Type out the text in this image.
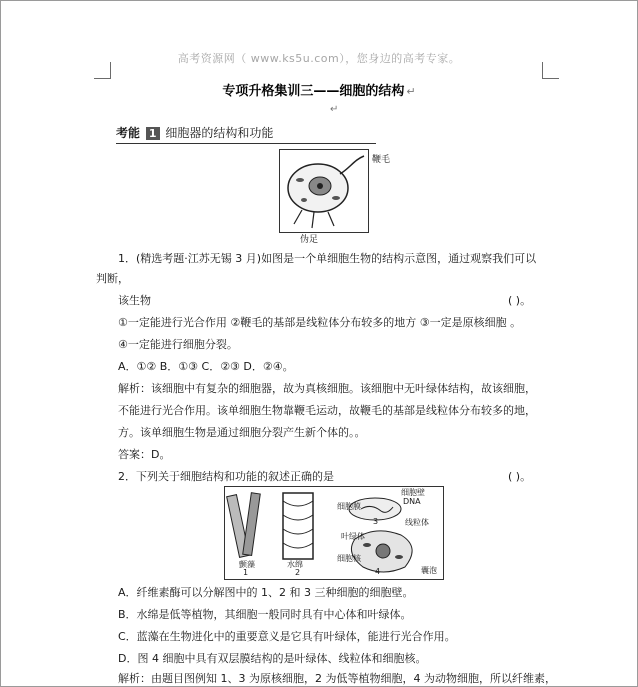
高考资源网（ www.ks5u.com），您身边的高考专家。
专项升格集训三——细胞的结构 ↵
↵
考能 1 细胞器的结构和功能
鞭毛
伪足
1．(精选考题·江苏无锡 3 月)如图是一个单细胞生物的结构示意图，通过观察我们可以
判断，
该生物	( )。
①一定能进行光合作用 ②鞭毛的基部是线粒体分布较多的地方 ③一定是原核细胞 。
④一定能进行细胞分裂。
A．①② B．①③ C．②③ D．②④。
解析：该细胞中有复杂的细胞器，故为真核细胞。该细胞中无叶绿体结构，故该细胞，
不能进行光合作用。该单细胞生物靠鞭毛运动，故鞭毛的基部是线粒体分布较多的地，
方。该单细胞生物是通过细胞分裂产生新个体的。。
答案：D。
2．下列关于细胞结构和功能的叙述正确的是	( )。
颤藻	水绵
1	2
3
4
细胞壁
DNA
细胞膜
线粒体
细胞核
叶绿体
囊泡
A．纤维素酶可以分解图中的 1、2 和 3 三种细胞的细胞壁。
B．水绵是低等植物，其细胞一般同时具有中心体和叶绿体。
C．蓝藻在生物进化中的重要意义是它具有叶绿体，能进行光合作用。
D．图 4 细胞中具有双层膜结构的是叶绿体、线粒体和细胞核。
解析：由题目图例知 1、3 为原核细胞，2 为低等植物细胞，4 为动物细胞，所以纤维素，
